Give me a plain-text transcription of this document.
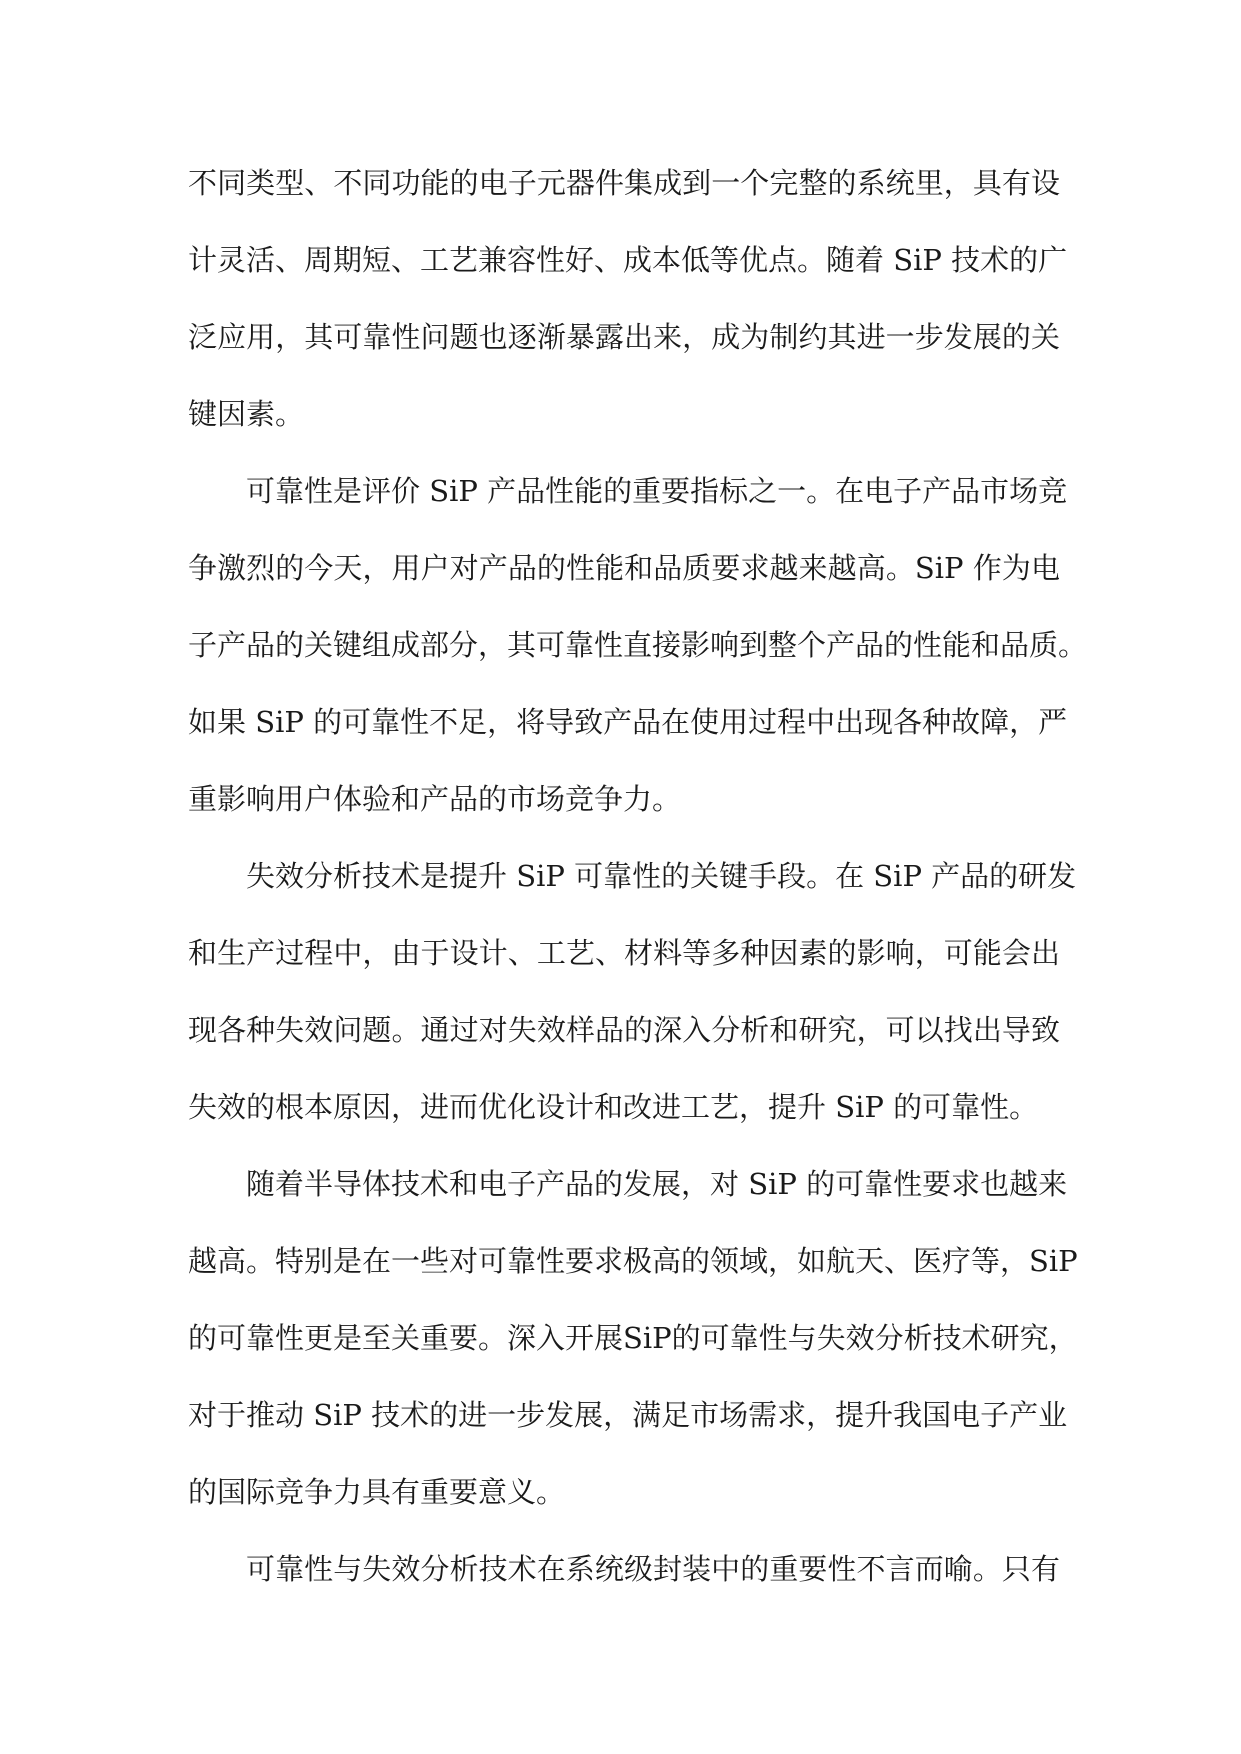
不同类型、不同功能的电子元器件集成到一个完整的系统里，具有设
计灵活、周期短、工艺兼容性好、成本低等优点。随着 SiP 技术的广
泛应用，其可靠性问题也逐渐暴露出来，成为制约其进一步发展的关
键因素。
可靠性是评价 SiP 产品性能的重要指标之一。在电子产品市场竞
争激烈的今天，用户对产品的性能和品质要求越来越高。SiP 作为电
子产品的关键组成部分，其可靠性直接影响到整个产品的性能和品质。
如果 SiP 的可靠性不足，将导致产品在使用过程中出现各种故障，严
重影响用户体验和产品的市场竞争力。
失效分析技术是提升 SiP 可靠性的关键手段。在 SiP 产品的研发
和生产过程中，由于设计、工艺、材料等多种因素的影响，可能会出
现各种失效问题。通过对失效样品的深入分析和研究，可以找出导致
失效的根本原因，进而优化设计和改进工艺，提升 SiP 的可靠性。
随着半导体技术和电子产品的发展，对 SiP 的可靠性要求也越来
越高。特别是在一些对可靠性要求极高的领域，如航天、医疗等，SiP
的可靠性更是至关重要。深入开展SiP的可靠性与失效分析技术研究，
对于推动 SiP 技术的进一步发展，满足市场需求，提升我国电子产业
的国际竞争力具有重要意义。
可靠性与失效分析技术在系统级封装中的重要性不言而喻。只有
